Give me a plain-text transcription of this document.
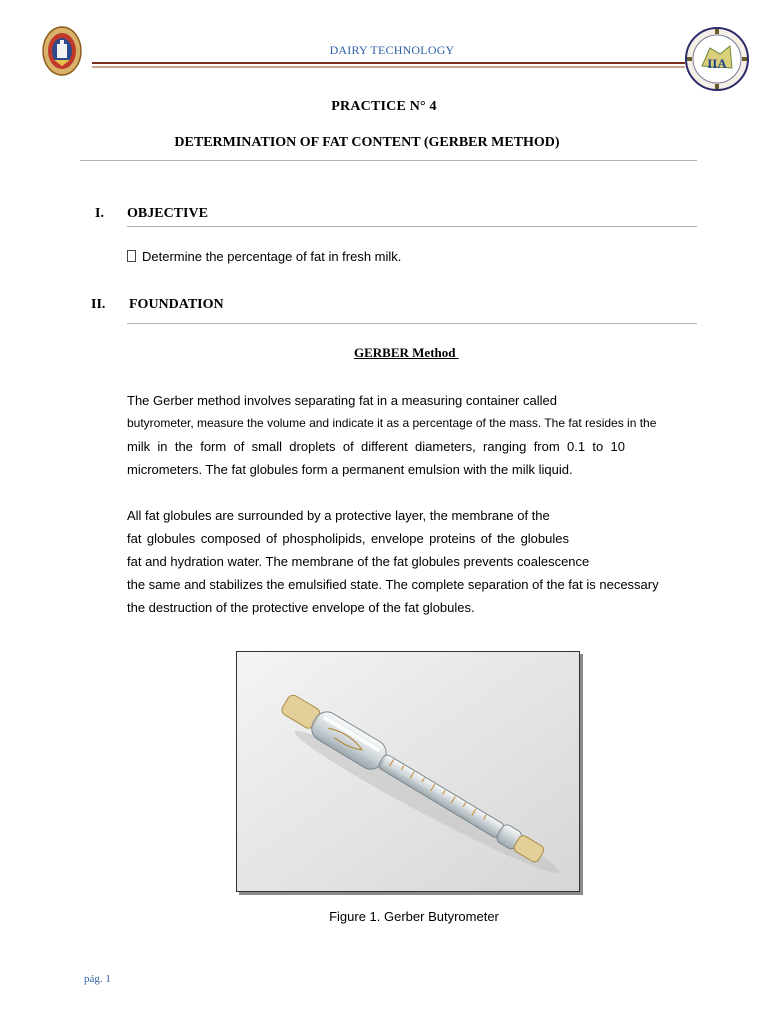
DAIRY TECHNOLOGY
IIA
PRACTICE N° 4
DETERMINATION OF FAT CONTENT (GERBER METHOD)
I. OBJECTIVE
Determine the percentage of fat in fresh milk.
II. FOUNDATION
GERBER Method
The Gerber method involves separating fat in a measuring container called
butyrometer, measure the volume and indicate it as a percentage of the mass. The fat resides in the
milk in the form of small droplets of different diameters, ranging from 0.1 to 10
micrometers. The fat globules form a permanent emulsion with the milk liquid.
All fat globules are surrounded by a protective layer, the membrane of the
fat globules composed of phospholipids, envelope proteins of the globules
fat and hydration water. The membrane of the fat globules prevents coalescence
the same and stabilizes the emulsified state. The complete separation of the fat is necessary
the destruction of the protective envelope of the fat globules.
Figure 1. Gerber Butyrometer
pág. 1
